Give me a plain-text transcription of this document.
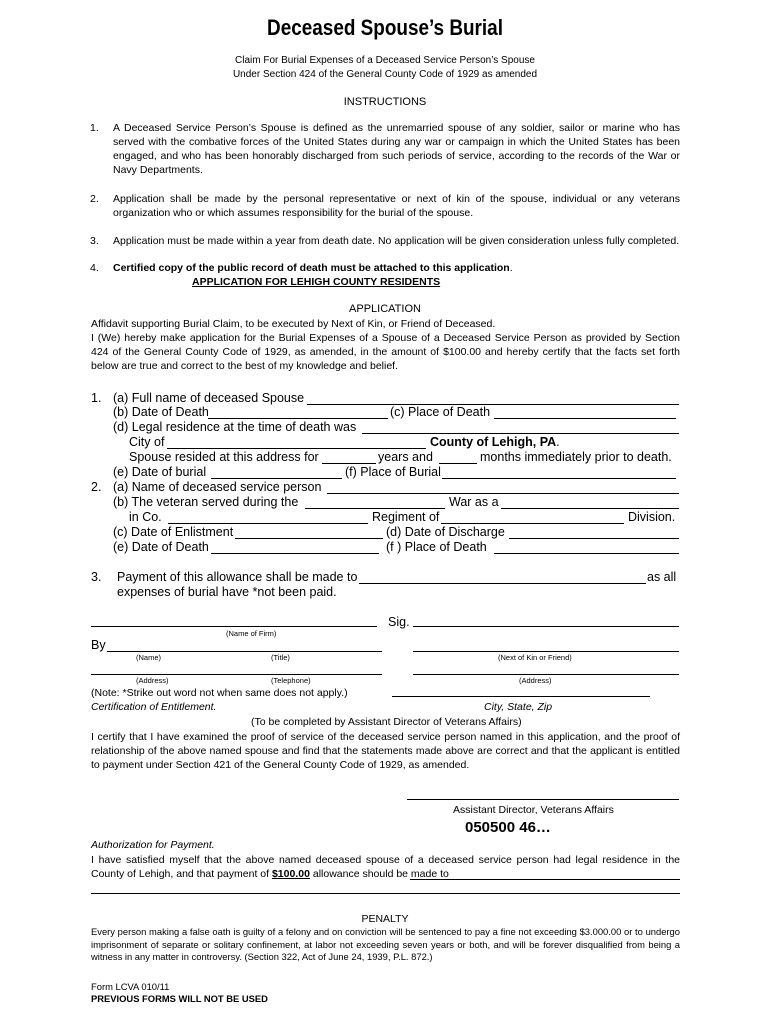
Deceased Spouse’s Burial
Claim For Burial Expenses of a Deceased Service Person’s Spouse
Under Section 424 of the General County Code of 1929 as amended
INSTRUCTIONS
1. A Deceased Service Person’s Spouse is defined as the unremarried spouse of any soldier, sailor or marine who has served with the combative forces of the United States during any war or campaign in which the United States has been engaged, and who has been honorably discharged from such periods of service, according to the records of the War or Navy Departments.
2. Application shall be made by the personal representative or next of kin of the spouse, individual or any veterans organization who or which assumes responsibility for the burial of the spouse.
3. Application must be made within a year from death date. No application will be given consideration unless fully completed.
4. Certified copy of the public record of death must be attached to this application.
APPLICATION FOR LEHIGH COUNTY RESIDENTS
APPLICATION
Affidavit supporting Burial Claim, to be executed by Next of Kin, or Friend of Deceased.
I (We) hereby make application for the Burial Expenses of a Spouse of a Deceased Service Person as provided by Section 424 of the General County Code of 1929, as amended, in the amount of $100.00 and hereby certify that the facts set forth below are true and correct to the best of my knowledge and belief.
1. (a) Full name of deceased Spouse
(b) Date of Death	(c) Place of Death
(d) Legal residence at the time of death was
City of	County of Lehigh, PA.
Spouse resided at this address for	years and	months immediately prior to death.
(e) Date of burial	(f) Place of Burial
2. (a) Name of deceased service person
(b) The veteran served during the	War as a
in Co.	Regiment of	Division.
(c) Date of Enlistment	(d) Date of Discharge
(e) Date of Death	(f ) Place of Death
3. Payment of this allowance shall be made to	as all
expenses of burial have *not been paid.
Sig.
(Name of Firm)
By
(Name)	(Title)	(Next of Kin or Friend)
(Address)	(Telephone)	(Address)
(Note: *Strike out word not when same does not apply.)
Certification of Entitlement.	City, State, Zip
(To be completed by Assistant Director of Veterans Affairs)
I certify that I have examined the proof of service of the deceased service person named in this application, and the proof of relationship of the above named spouse and find that the statements made above are correct and that the applicant is entitled to payment under Section 421 of the General County Code of 1929, as amended.
Assistant Director, Veterans Affairs
050500 46…
Authorization for Payment.
I have satisfied myself that the above named deceased spouse of a deceased service person had legal residence in the County of Lehigh, and that payment of $100.00 allowance should be made to
PENALTY
Every person making a false oath is guilty of a felony and on conviction will be sentenced to pay a fine not exceeding $3.000.00 or to undergo imprisonment of separate or solitary confinement, at labor not exceeding seven years or both, and will be forever disqualified from being a witness in any matter in controversy. (Section 322, Act of June 24, 1939, P.L. 872.)
Form LCVA 010/11
PREVIOUS FORMS WILL NOT BE USED
